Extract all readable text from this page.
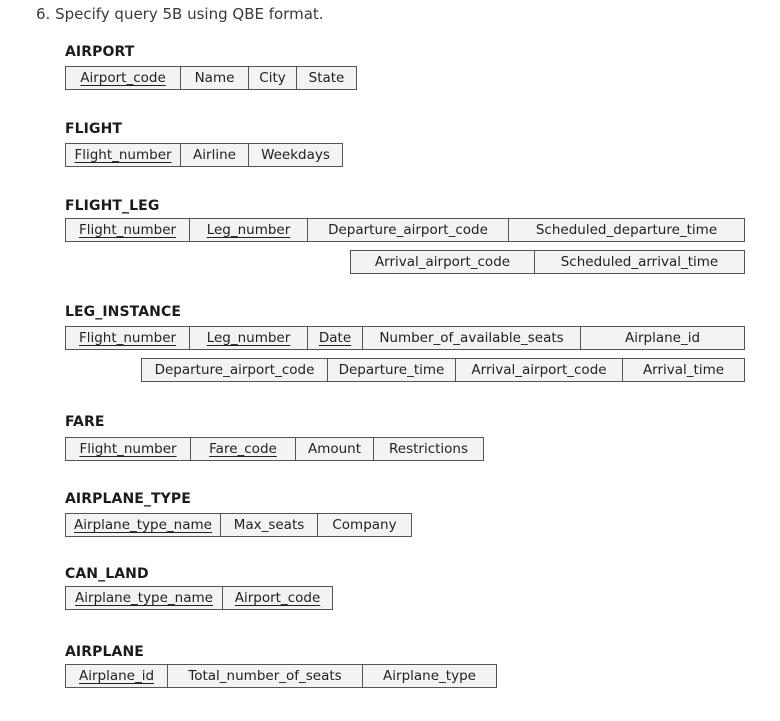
6. Specify query 5B using QBE format.
AIRPORT
Airport_code	Name	City	State
FLIGHT
Flight_number	Airline	Weekdays
FLIGHT_LEG
Flight_number Leg_number	Departure_airport_code	Scheduled_departure_time
Arrival_airport_code	Scheduled_arrival_time
LEG_INSTANCE
Flight_number Leg_number Date	Number_of_available_seats	Airplane_id
Departure_airport_code	Departure_time	Arrival_airport_code	Arrival_time
FARE
Flight_number Fare_code	Amount	Restrictions
AIRPLANE_TYPE
Airplane_type_name	Max_seats	Company
CAN_LAND
Airplane_type_name Airport_code
AIRPLANE
Airplane_id	Total_number_of_seats	Airplane_type
